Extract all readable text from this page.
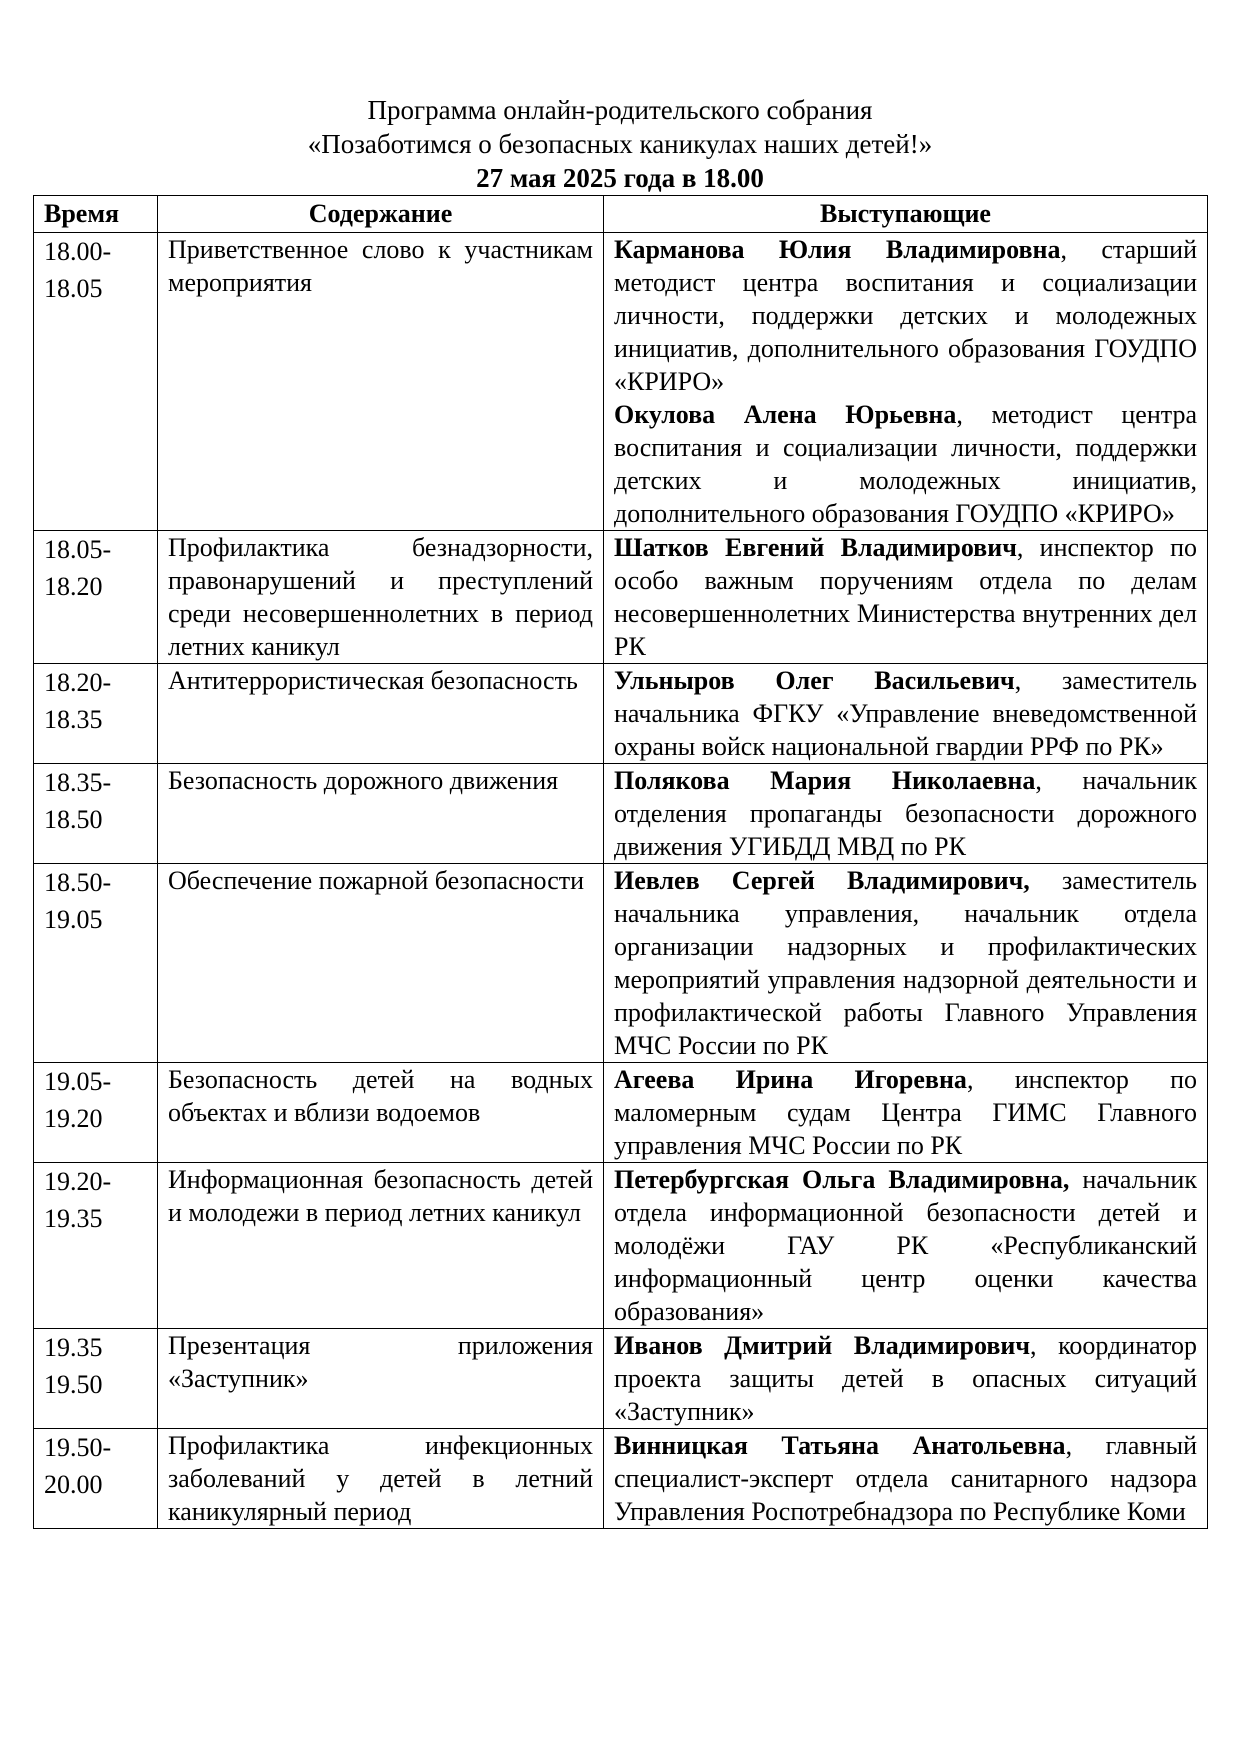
Программа онлайн-родительского собрания
«Позаботимся о безопасных каникулах наших детей!»
27 мая 2025 года в 18.00
Время	Содержание	Выступающие
18.00-
18.05	Приветственное слово к участникам мероприятия	Карманова Юлия Владимировна, старший методист центра воспитания и социализации личности, поддержки детских и молодежных инициатив, дополнительного образования ГОУДПО «КРИРО»
Окулова Алена Юрьевна, методист центра воспитания и социализации личности, поддержки детских и молодежных инициатив, дополнительного образования ГОУДПО «КРИРО»

18.05-
18.20	Профилактика безнадзорности, правонарушений и преступлений среди несовершеннолетних в период летних каникул	Шатков Евгений Владимирович, инспектор по особо важным поручениям отдела по делам несовершеннолетних Министерства внутренних дел РК

18.20-
18.35	Антитеррористическая безопасность	Ульныров Олег Васильевич, заместитель начальника ФГКУ «Управление вневедомственной охраны войск национальной гвардии РРФ по РК»

18.35-
18.50	Безопасность дорожного движения	Полякова Мария Николаевна, начальник отделения пропаганды безопасности дорожного движения УГИБДД МВД по РК

18.50-
19.05	Обеспечение пожарной безопасности	Иевлев Сергей Владимирович, заместитель начальника управления, начальник отдела организации надзорных и профилактических мероприятий управления надзорной деятельности и профилактической работы Главного Управления МЧС России по РК

19.05-
19.20	Безопасность детей на водных объектах и вблизи водоемов	Агеева Ирина Игоревна, инспектор по маломерным судам Центра ГИМС Главного управления МЧС России по РК

19.20-
19.35	Информационная безопасность детей и молодежи в период летних каникул	Петербургская Ольга Владимировна, начальник отдела информационной безопасности детей и молодёжи ГАУ РК «Республиканский информационный центр оценки качества образования»

19.35
19.50	Презентация приложения «Заступник»	Иванов Дмитрий Владимирович, координатор проекта защиты детей в опасных ситуаций «Заступник»

19.50-
20.00	Профилактика инфекционных заболеваний у детей в летний каникулярный период	Винницкая Татьяна Анатольевна, главный специалист-эксперт отдела санитарного надзора Управления Роспотребнадзора по Республике Коми
